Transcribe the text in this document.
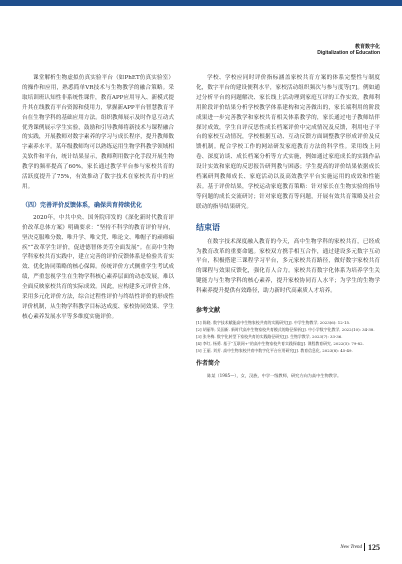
教育数字化
Digitalization of Education

课堂解析生物虚拟仿真实验平台（如PhET仿真实验室）的操作和应用，熟悉简单VR技术与生物教学的融合策略。采取培训班认知性非系统性课件，教育APP应用导入、新模式提升其在线教育平台资源和使用力，掌握新APP平台智慧教育平台在生物学科的基础应用方法。组织教师展示及时作息互动式优秀课例展示学生实验，鼓励和引导教师将新技术与课程融合的实践，开展教师对数字素养的学习与成长程序，提升教师数字素养水平。某年级教师均可以熟练运用生物学科教学领域相关软件和平台，统计结果显示，教师利用数字化手段开展生物教学的频率提高了60%，家长通过教学平台参与家校共育的活跃度提升了75%，有效推动了数字技术在家校共育中的应用。

（四）完善评价反馈体系，确保共育持续优化

2020年，中共中央、国务院印发的《深化新时代教育评价改革总体方案》明确要求：“坚持不科学的教育评价导向，坚决克服唯分数、唯升学、唯文凭、唯论文、唯帽子的顽瘴痼疾”“改革学生评价，促进德智体美劳全面发展”。在高中生物学科家校共育实践中，建立完善的评价反馈体系是检验共育实效、优化协同策略的核心保障。传统评价方式侧重学生考试成绩，严重忽视学生在生物学科核心素养层面的动态发展，难以全面反映家校共育的实际成效。因此，应构建多元评价主体，采用多元化评价方法，综合过程性评价与终结性评价的形成性评价机制，从生物学科教学目标达成度、家校协同效果、学生核心素养发展水平等多维度实施评价。

学校、学校应同时评价指标涵盖家校共育方案的体系完整性与制度化，数字平台的建设便利水平，家校活动组织频次与参与度等[7]。例如通过分析平台的问题解决、家长线上活动理到家庭互评的工作实效，教师利用阶段评价结果分析学校教学体系建构和完善做出的，家长端利用的阶段成果进一步完善教学和家校共育相关体系教学的，家长通过电子教师结伴探讨成效，学生自评反思性成长档案评价中完成情况及反馈，利用电子平台的家校互动情况，学校根据互动、互动反馈方面调整教学形成评价及反馈机制。配合学校工作的网站研发家庭教育方法的科学性。采用线上问卷、深度访谈、成长档案分析等方式实施，例如通过家庭成长的实践作品设计实效和家庭的反思报告研判教与困惑；学生提高的评价结果依据成长档案研判教师成长、家庭活动以及高效教学平台实施运用的成效和性能表。基于评价结果，学校运动家庭教育策略：针对家长在生物实验的指导等问题的成长交流研讨；针对家庭教育等问题，开展有效共育策略及社会联动的指导结果研究。

结束语

在数字技术深度融入教育的今天，高中生物学科的家校共育，已经成为教育改革的重要命题。家校双方携手相互合作，通过建设多元数字互动平台，积极搭建三课程学习平台，多元家校共育路径，做好数字家校共育的课程与效果反馈化，强化育人合力。家校共育数字化体系为培养学生关键能力与生物学科的核心素养，提升家校协同育人水平；为学生的生物学科素养提升提供有效路径，助力新时代高素质人才培养。

参考文献
[1] 陈晓. 数字技术赋能高中生物家校共育的实践研究[J]. 中学生物教学, 2023(6): 12-15.
[2] 胡丽华, 吴国新. 新时代高中生物家校共育模式的路径探析[J]. 中小学数字化教学, 2022(10): 34-38.
[3] 张冬梅. 数字化转型下家校共育的实践路径研究[J]. 生物学教学, 2023(7): 33-36.
[4] 李红, 杨勇. 基于“互联网+”的高中生物家校共育实践探索[J]. 课程教育研究, 2022(5): 79-82.
[5] 王丽, 刘芳. 高中生物家校共育中数字化平台应用研究[J]. 教育信息化, 2023(8): 45-49.
作者简介

陈某（1985—），女，汉族，中学一级教师，研究方向为高中生物教学。

New Trend 125
